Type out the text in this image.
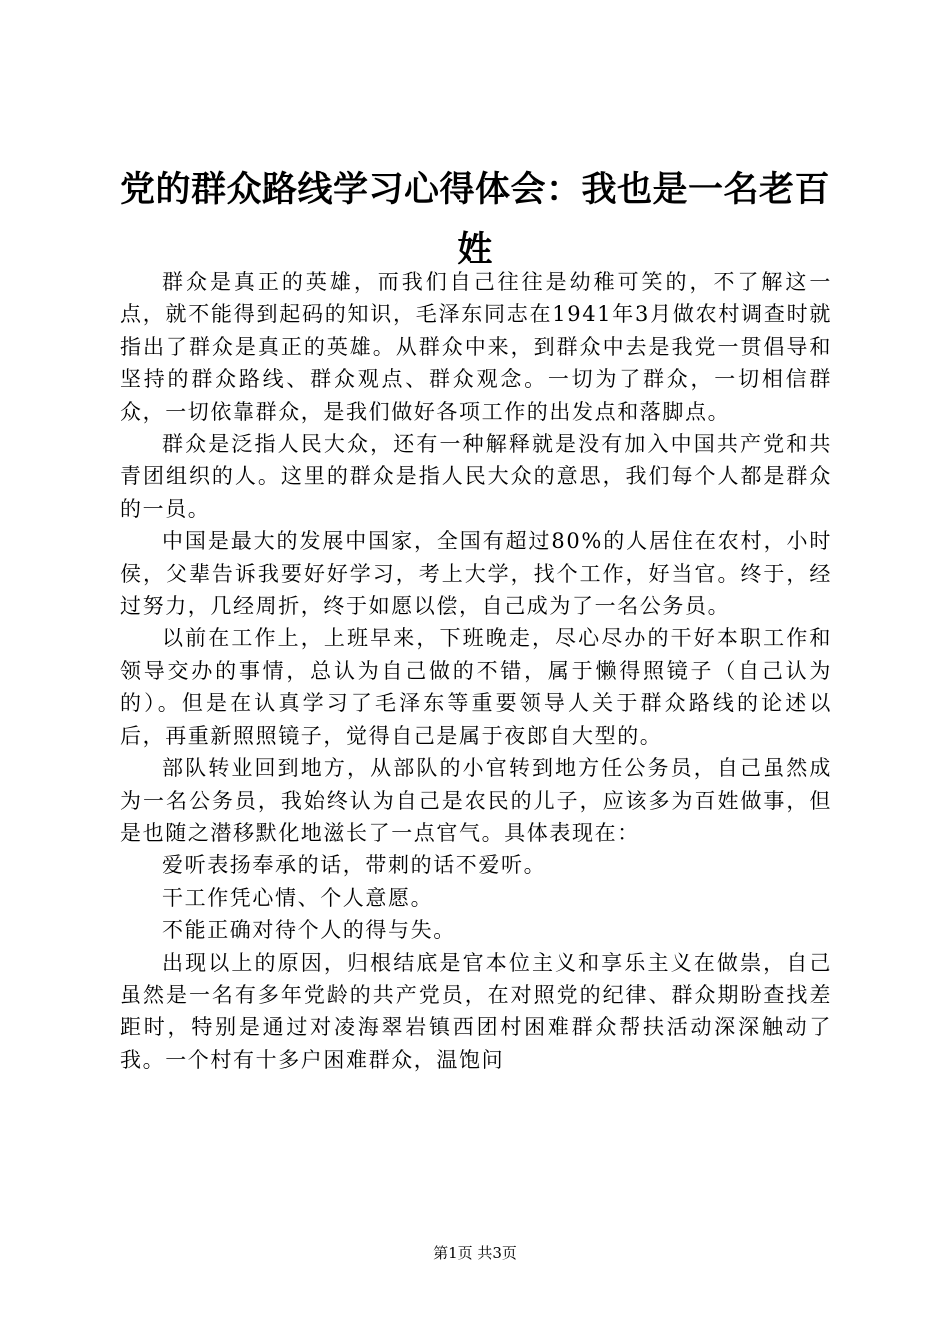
党的群众路线学习心得体会：我也是一名老百姓

群众是真正的英雄，而我们自己往往是幼稚可笑的，不了解这一点，就不能得到起码的知识，毛泽东同志在1941年3月做农村调查时就指出了群众是真正的英雄。从群众中来，到群众中去是我党一贯倡导和坚持的群众路线、群众观点、群众观念。一切为了群众，一切相信群众，一切依靠群众，是我们做好各项工作的出发点和落脚点。

群众是泛指人民大众，还有一种解释就是没有加入中国共产党和共青团组织的人。这里的群众是指人民大众的意思，我们每个人都是群众的一员。

中国是最大的发展中国家，全国有超过80%的人居住在农村，小时侯，父辈告诉我要好好学习，考上大学，找个工作，好当官。终于，经过努力，几经周折，终于如愿以偿，自己成为了一名公务员。

以前在工作上，上班早来，下班晚走，尽心尽办的干好本职工作和领导交办的事情，总认为自己做的不错，属于懒得照镜子（自己认为的）。但是在认真学习了毛泽东等重要领导人关于群众路线的论述以后，再重新照照镜子，觉得自己是属于夜郎自大型的。

部队转业回到地方，从部队的小官转到地方任公务员，自己虽然成为一名公务员，我始终认为自己是农民的儿子，应该多为百姓做事，但是也随之潜移默化地滋长了一点官气。具体表现在：

爱听表扬奉承的话，带刺的话不爱听。

干工作凭心情、个人意愿。

不能正确对待个人的得与失。

出现以上的原因，归根结底是官本位主义和享乐主义在做祟，自己虽然是一名有多年党龄的共产党员，在对照党的纪律、群众期盼查找差距时，特别是通过对凌海翠岩镇西团村困难群众帮扶活动深深触动了我。一个村有十多户困难群众，温饱问

第1页 共3页
